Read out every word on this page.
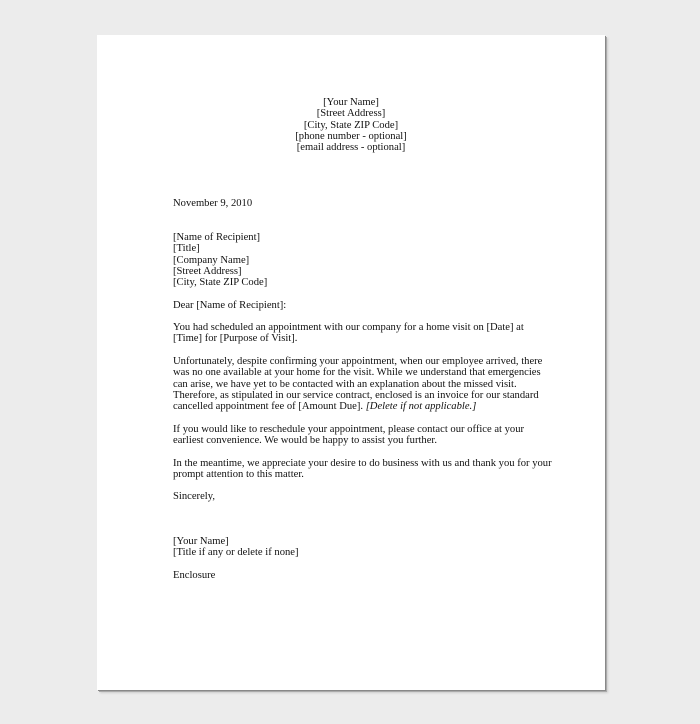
[Your Name]
[Street Address]
[City, State ZIP Code]
[phone number - optional]
[email address - optional]
November 9, 2010
[Name of Recipient]
[Title]
[Company Name]
[Street Address]
[City, State ZIP Code]
Dear [Name of Recipient]:
You had scheduled an appointment with our company for a home visit on [Date] at
[Time] for [Purpose of Visit].
Unfortunately, despite confirming your appointment, when our employee arrived, there
was no one available at your home for the visit. While we understand that emergencies
can arise, we have yet to be contacted with an explanation about the missed visit.
Therefore, as stipulated in our service contract, enclosed is an invoice for our standard
cancelled appointment fee of [Amount Due]. [Delete if not applicable.]
If you would like to reschedule your appointment, please contact our office at your
earliest convenience. We would be happy to assist you further.
In the meantime, we appreciate your desire to do business with us and thank you for your
prompt attention to this matter.
Sincerely,
[Your Name]
[Title if any or delete if none]
Enclosure
